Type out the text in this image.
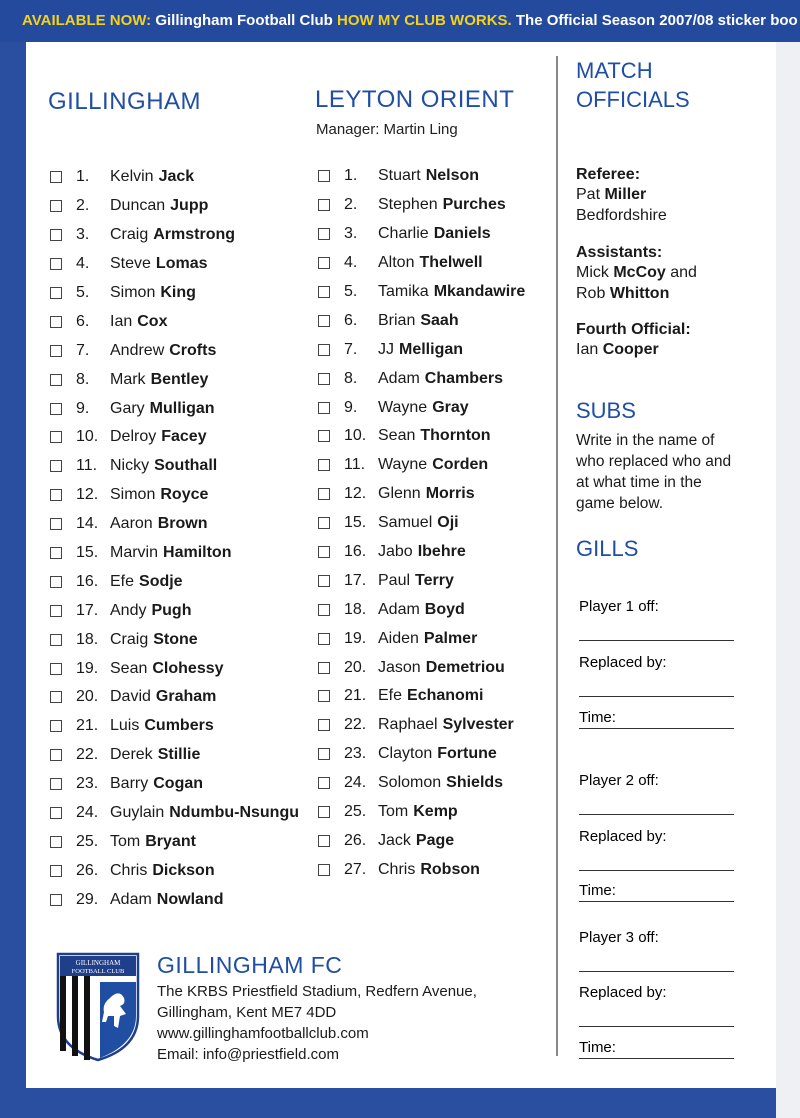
AVAILABLE NOW: Gillingham Football Club HOW MY CLUB WORKS. The Official Season 2007/08 sticker boo
GILLINGHAM
1.	Kelvin Jack
2.	Duncan Jupp
3.	Craig Armstrong
4.	Steve Lomas
5.	Simon King
6.	Ian Cox
7.	Andrew Crofts
8.	Mark Bentley
9.	Gary Mulligan
10. Delroy Facey
11. Nicky Southall
12. Simon Royce
14. Aaron Brown
15. Marvin Hamilton
16. Efe Sodje
17. Andy Pugh
18. Craig Stone
19. Sean Clohessy
20. David Graham
21. Luis Cumbers
22. Derek Stillie
23. Barry Cogan
24. Guylain Ndumbu-Nsungu
25. Tom Bryant
26. Chris Dickson
29. Adam Nowland
LEYTON ORIENT
Manager: Martin Ling
1.	Stuart Nelson
2.	Stephen Purches
3.	Charlie Daniels
4.	Alton Thelwell
5.	Tamika Mkandawire
6.	Brian Saah
7.	JJ Melligan
8.	Adam Chambers
9.	Wayne Gray
10. Sean Thornton
11. Wayne Corden
12. Glenn Morris
15. Samuel Oji
16. Jabo Ibehre
17. Paul Terry
18. Adam Boyd
19. Aiden Palmer
20. Jason Demetriou
21. Efe Echanomi
22. Raphael Sylvester
23. Clayton Fortune
24. Solomon Shields
25. Tom Kemp
26. Jack Page
27. Chris Robson
MATCH
OFFICIALS
Referee:
Pat Miller
Bedfordshire
Assistants:
Mick McCoy and
Rob Whitton
Fourth Official:
Ian Cooper
SUBS
Write in the name of who replaced who and at what time in the game below.
GILLS
Player 1 off:
Replaced by:
Time:
Player 2 off:
Replaced by:
Time:
Player 3 off:
Replaced by:
Time:
GILLINGHAM
FOOTBALL CLUB GILLINGHAM FC
The KRBS Priestfield Stadium, Redfern Avenue,
Gillingham, Kent ME7 4DD
www.gillinghamfootballclub.com
Email: info@priestfield.com
